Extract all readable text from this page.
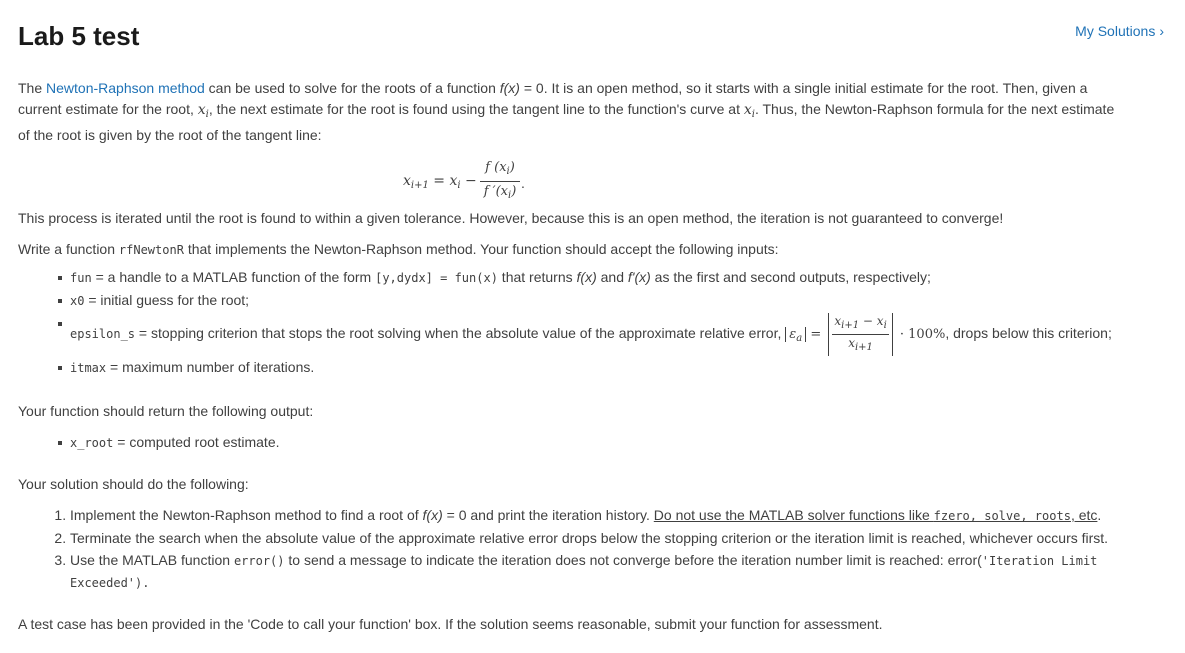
Lab 5 test	My Solutions ›

The Newton-Raphson method can be used to solve for the roots of a function f(x) = 0. It is an open method, so it starts with a single initial estimate for the root. Then, given a current estimate for the root, $x_i$, the next estimate for the root is found using the tangent line to the function's curve at $x_i$. Thus, the Newton-Raphson formula for the next estimate of the root is given by the root of the tangent line:

$x_{i+1} = x_i - \frac{f (x_i)}{f '(x_i)}$ .

This process is iterated until the root is found to within a given tolerance. However, because this is an open method, the iteration is not guaranteed to converge!

Write a function rfNewtonR that implements the Newton-Raphson method. Your function should accept the following inputs:

fun = a handle to a MATLAB function of the form [y,dydx] = fun(x) that returns f(x) and f'(x) as the first and second outputs, respectively;
x0 = initial guess for the root;
epsilon_s = stopping criterion that stops the root solving when the absolute value of the approximate relative error, $\varepsilon_a = \frac{x_{i+1} - x_i}{x_{i+1}} \cdot 100\%$, drops below this criterion;
itmax = maximum number of iterations.

Your function should return the following output:

x_root = computed root estimate.

Your solution should do the following:

1. Implement the Newton-Raphson method to find a root of f(x) = 0 and print the iteration history. Do not use the MATLAB solver functions like fzero, solve, roots, etc.
2. Terminate the search when the absolute value of the approximate relative error drops below the stopping criterion or the iteration limit is reached, whichever occurs first.
3. Use the MATLAB function error() to send a message to indicate the iteration does not converge before the iteration number limit is reached: error('Iteration Limit Exceeded').

A test case has been provided in the 'Code to call your function' box. If the solution seems reasonable, submit your function for assessment.
